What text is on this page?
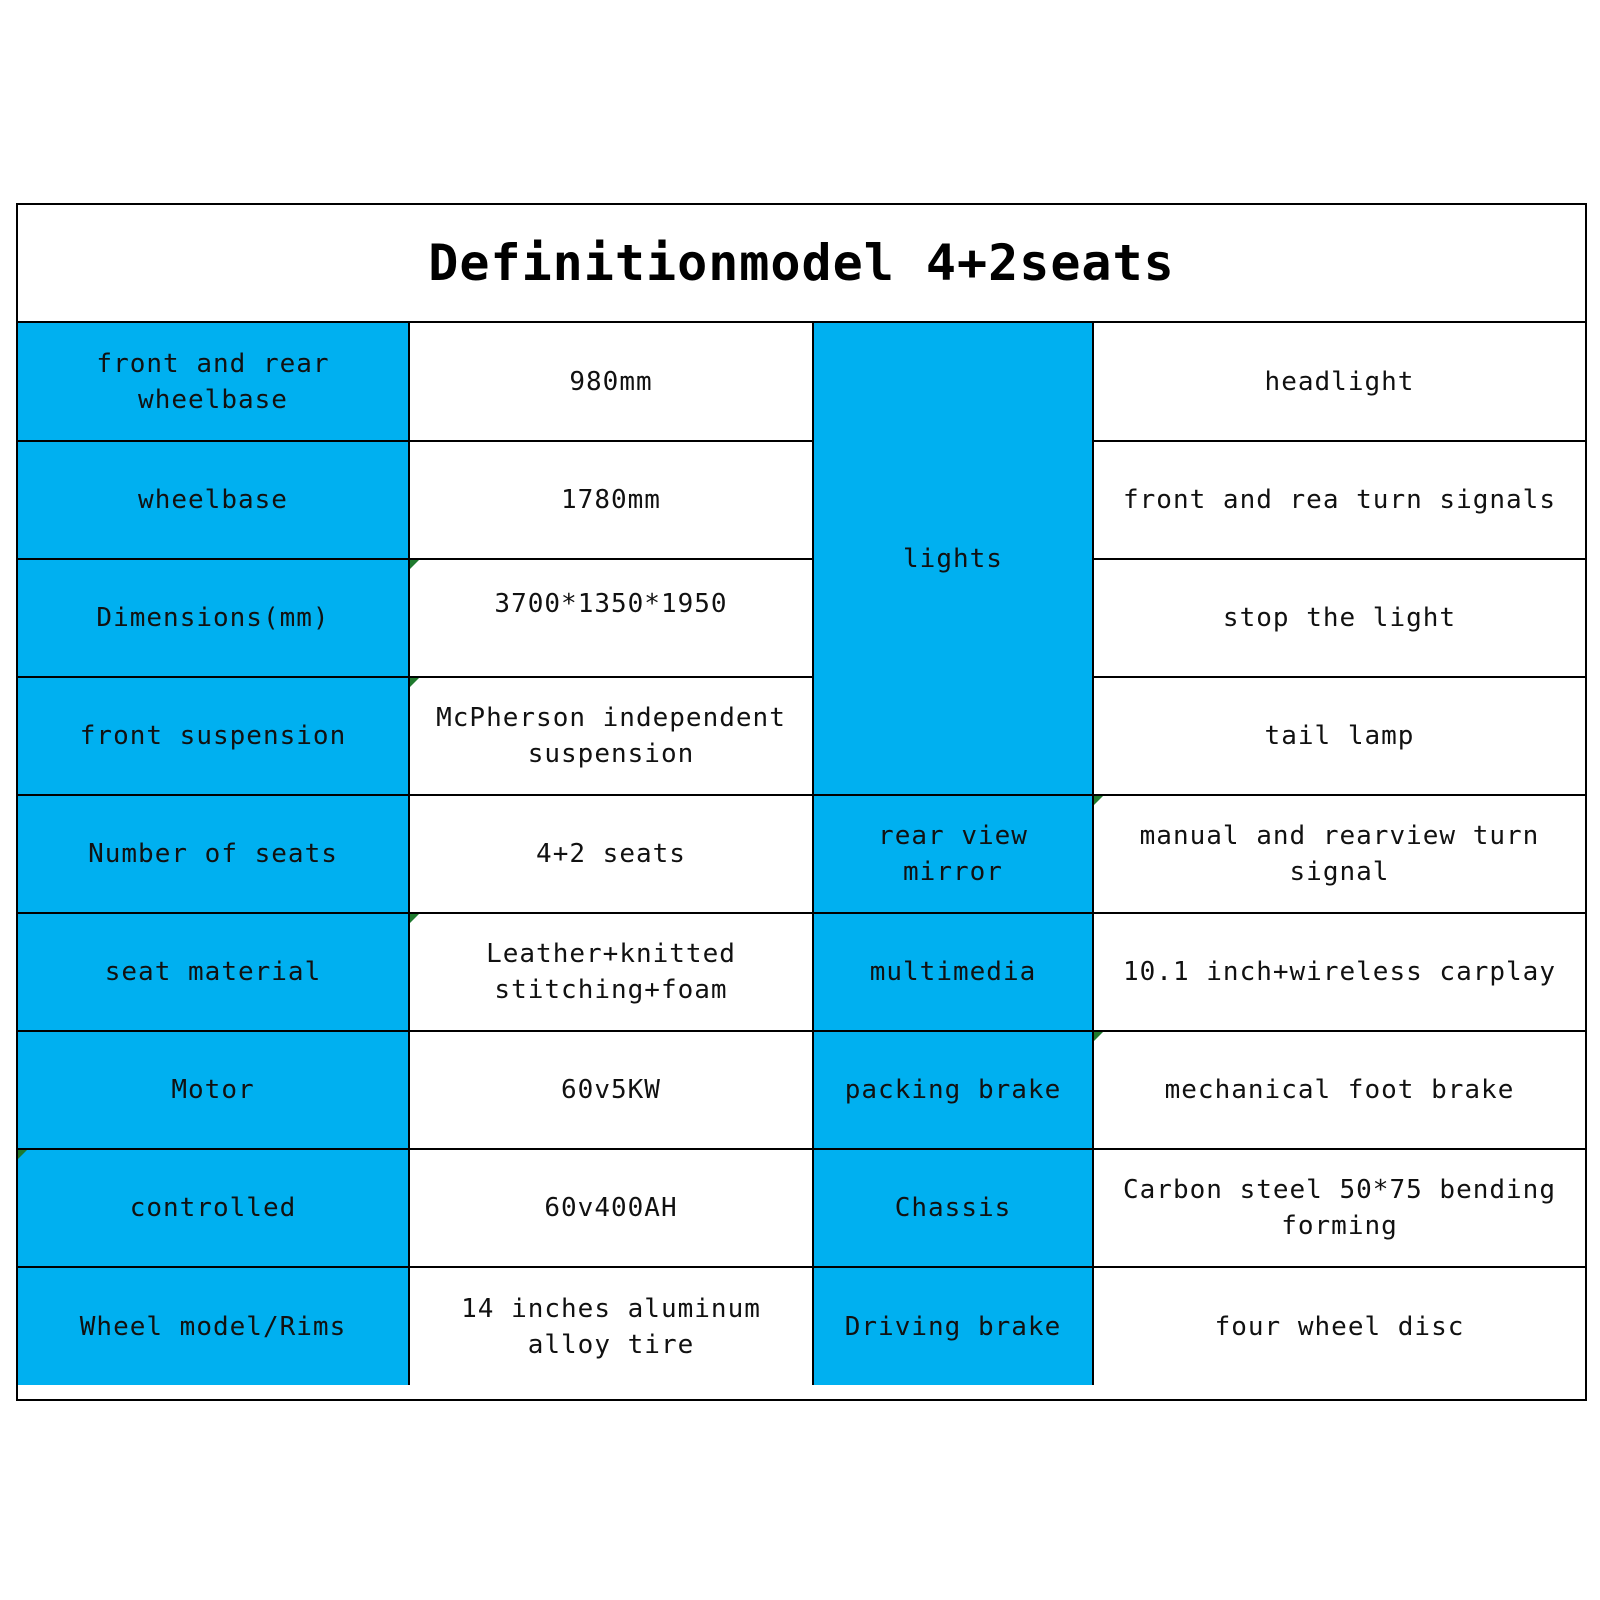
Definitionmodel 4+2seats
front and rear wheelbase	980mm	lights	headlight
wheelbase	1780mm		front and rea turn signals
Dimensions(mm)	3700*1350*1950		stop the light
front suspension	McPherson independent suspension		tail lamp
Number of seats	4+2 seats	rear view mirror	manual and rearview turn signal
seat material	Leather+knitted stitching+foam	multimedia	10.1 inch+wireless carplay
Motor	60v5KW	packing brake	mechanical foot brake
controlled	60v400AH	Chassis	Carbon steel 50*75 bending forming
Wheel model/Rims	14 inches aluminum alloy tire	Driving brake	four wheel disc
